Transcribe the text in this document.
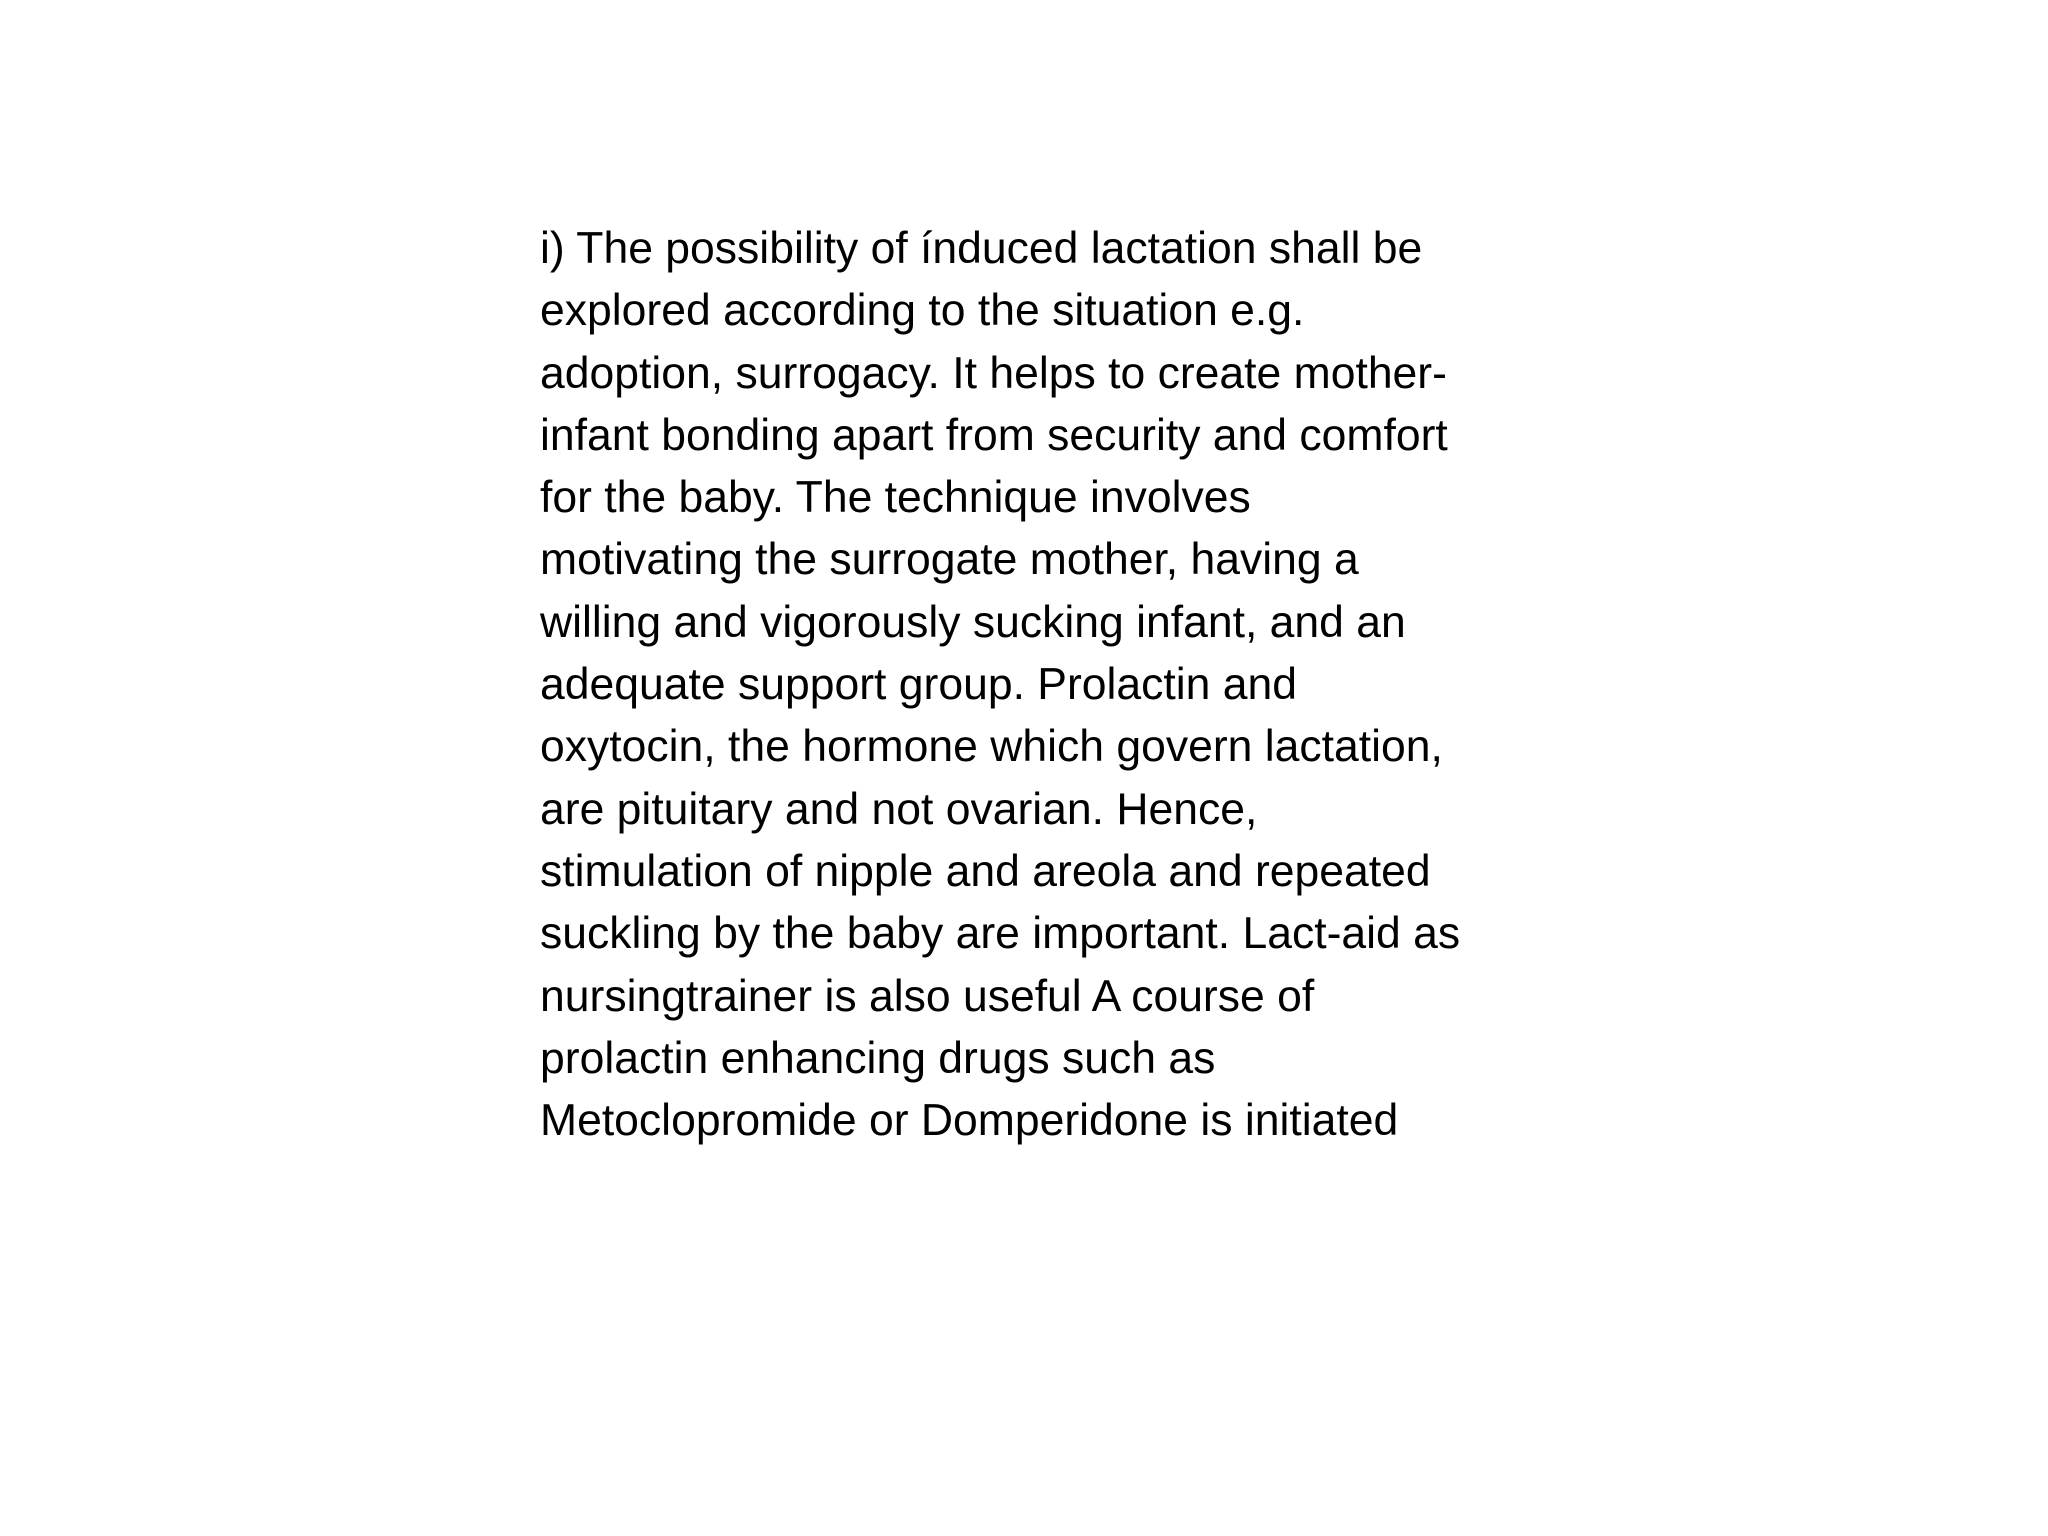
i) The possibility of índuced lactation shall be
explored according to the situation e.g.
adoption, surrogacy. It helps to create mother-
infant bonding apart from security and comfort
for the baby. The technique involves
motivating the surrogate mother, having a
willing and vigorously sucking infant, and an
adequate support group. Prolactin and
oxytocin, the hormone which govern lactation,
are pituitary and not ovarian. Hence,
stimulation of nipple and areola and repeated
suckling by the baby are important. Lact-aid as
nursingtrainer is also useful A course of
prolactin enhancing drugs such as
Metoclopromide or Domperidone is initiated
